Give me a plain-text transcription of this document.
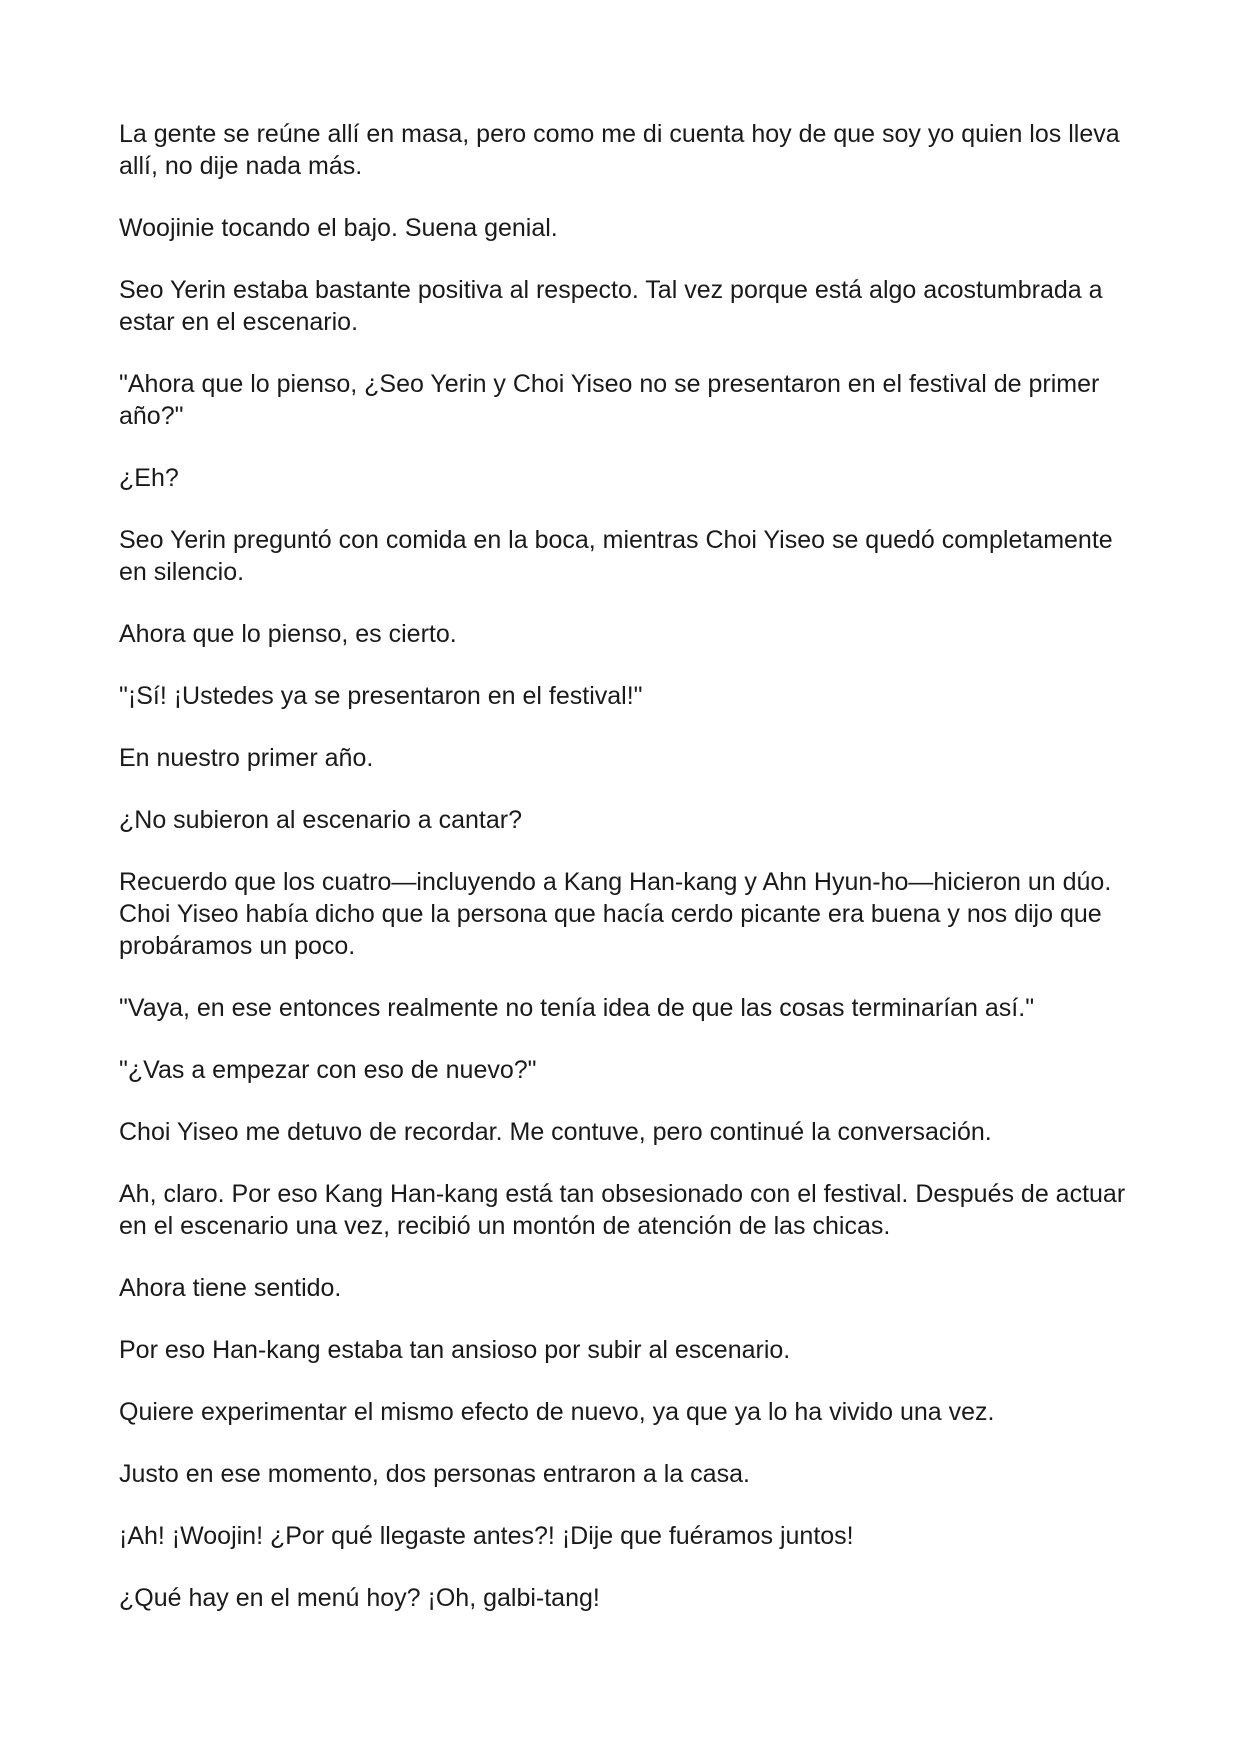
La gente se reúne allí en masa, pero como me di cuenta hoy de que soy yo quien los lleva allí, no dije nada más.

Woojinie tocando el bajo. Suena genial.

Seo Yerin estaba bastante positiva al respecto. Tal vez porque está algo acostumbrada a estar en el escenario.

"Ahora que lo pienso, ¿Seo Yerin y Choi Yiseo no se presentaron en el festival de primer año?"

¿Eh?

Seo Yerin preguntó con comida en la boca, mientras Choi Yiseo se quedó completamente en silencio.

Ahora que lo pienso, es cierto.

"¡Sí! ¡Ustedes ya se presentaron en el festival!"

En nuestro primer año.

¿No subieron al escenario a cantar?

Recuerdo que los cuatro—incluyendo a Kang Han-kang y Ahn Hyun-ho—hicieron un dúo. Choi Yiseo había dicho que la persona que hacía cerdo picante era buena y nos dijo que probáramos un poco.

"Vaya, en ese entonces realmente no tenía idea de que las cosas terminarían así."

"¿Vas a empezar con eso de nuevo?"

Choi Yiseo me detuvo de recordar. Me contuve, pero continué la conversación.

Ah, claro. Por eso Kang Han-kang está tan obsesionado con el festival. Después de actuar en el escenario una vez, recibió un montón de atención de las chicas.

Ahora tiene sentido.

Por eso Han-kang estaba tan ansioso por subir al escenario.

Quiere experimentar el mismo efecto de nuevo, ya que ya lo ha vivido una vez.

Justo en ese momento, dos personas entraron a la casa.

¡Ah! ¡Woojin! ¿Por qué llegaste antes?! ¡Dije que fuéramos juntos!

¿Qué hay en el menú hoy? ¡Oh, galbi-tang!
